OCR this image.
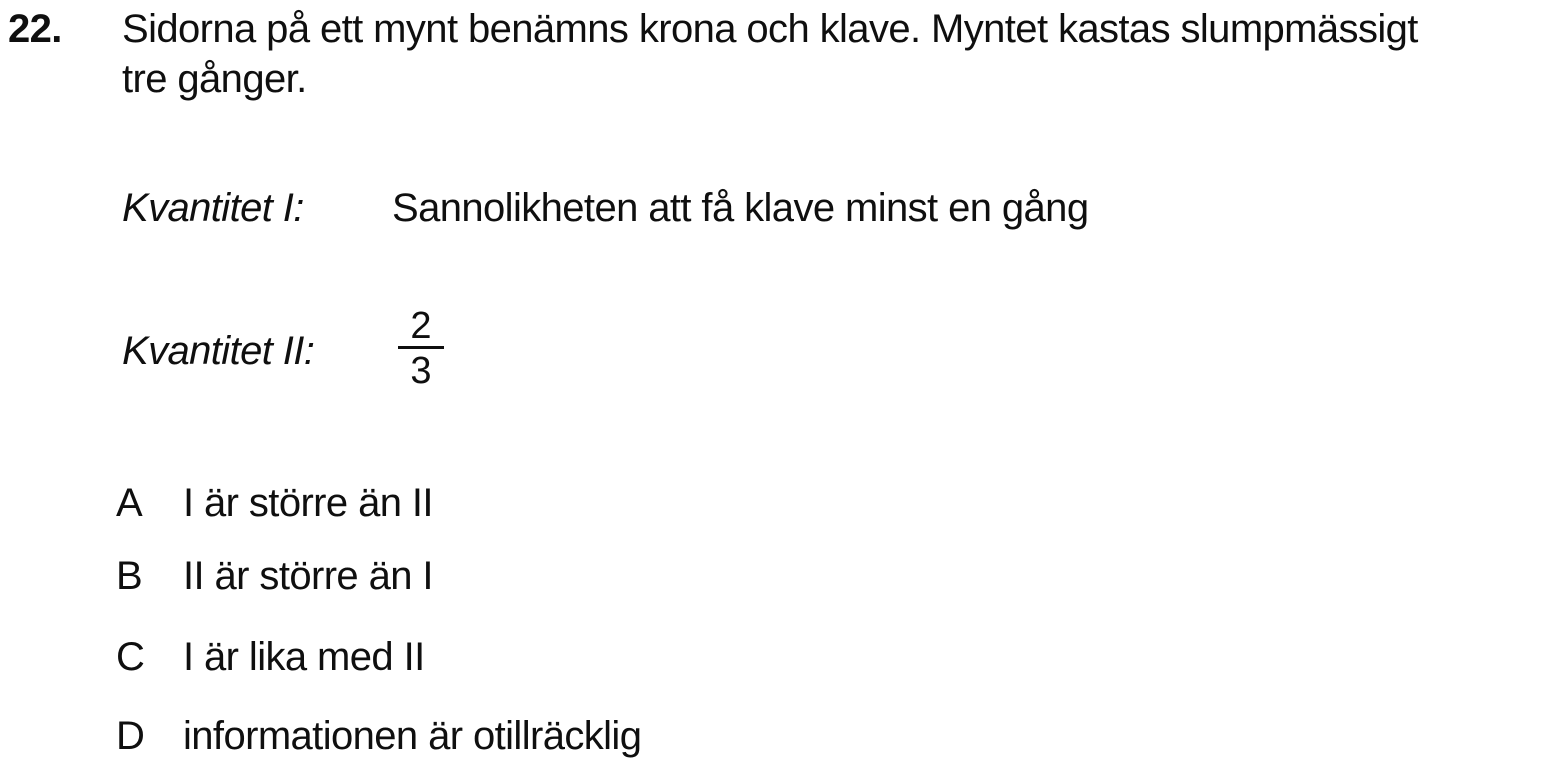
22. Sidorna på ett mynt benämns krona och klave. Myntet kastas slumpmässigt
tre gånger.
Kvantitet I: Sannolikheten att få klave minst en gång
Kvantitet II: $\frac{2}{3}$
A I är större än II
B II är större än I
C I är lika med II
D informationen är otillräcklig
